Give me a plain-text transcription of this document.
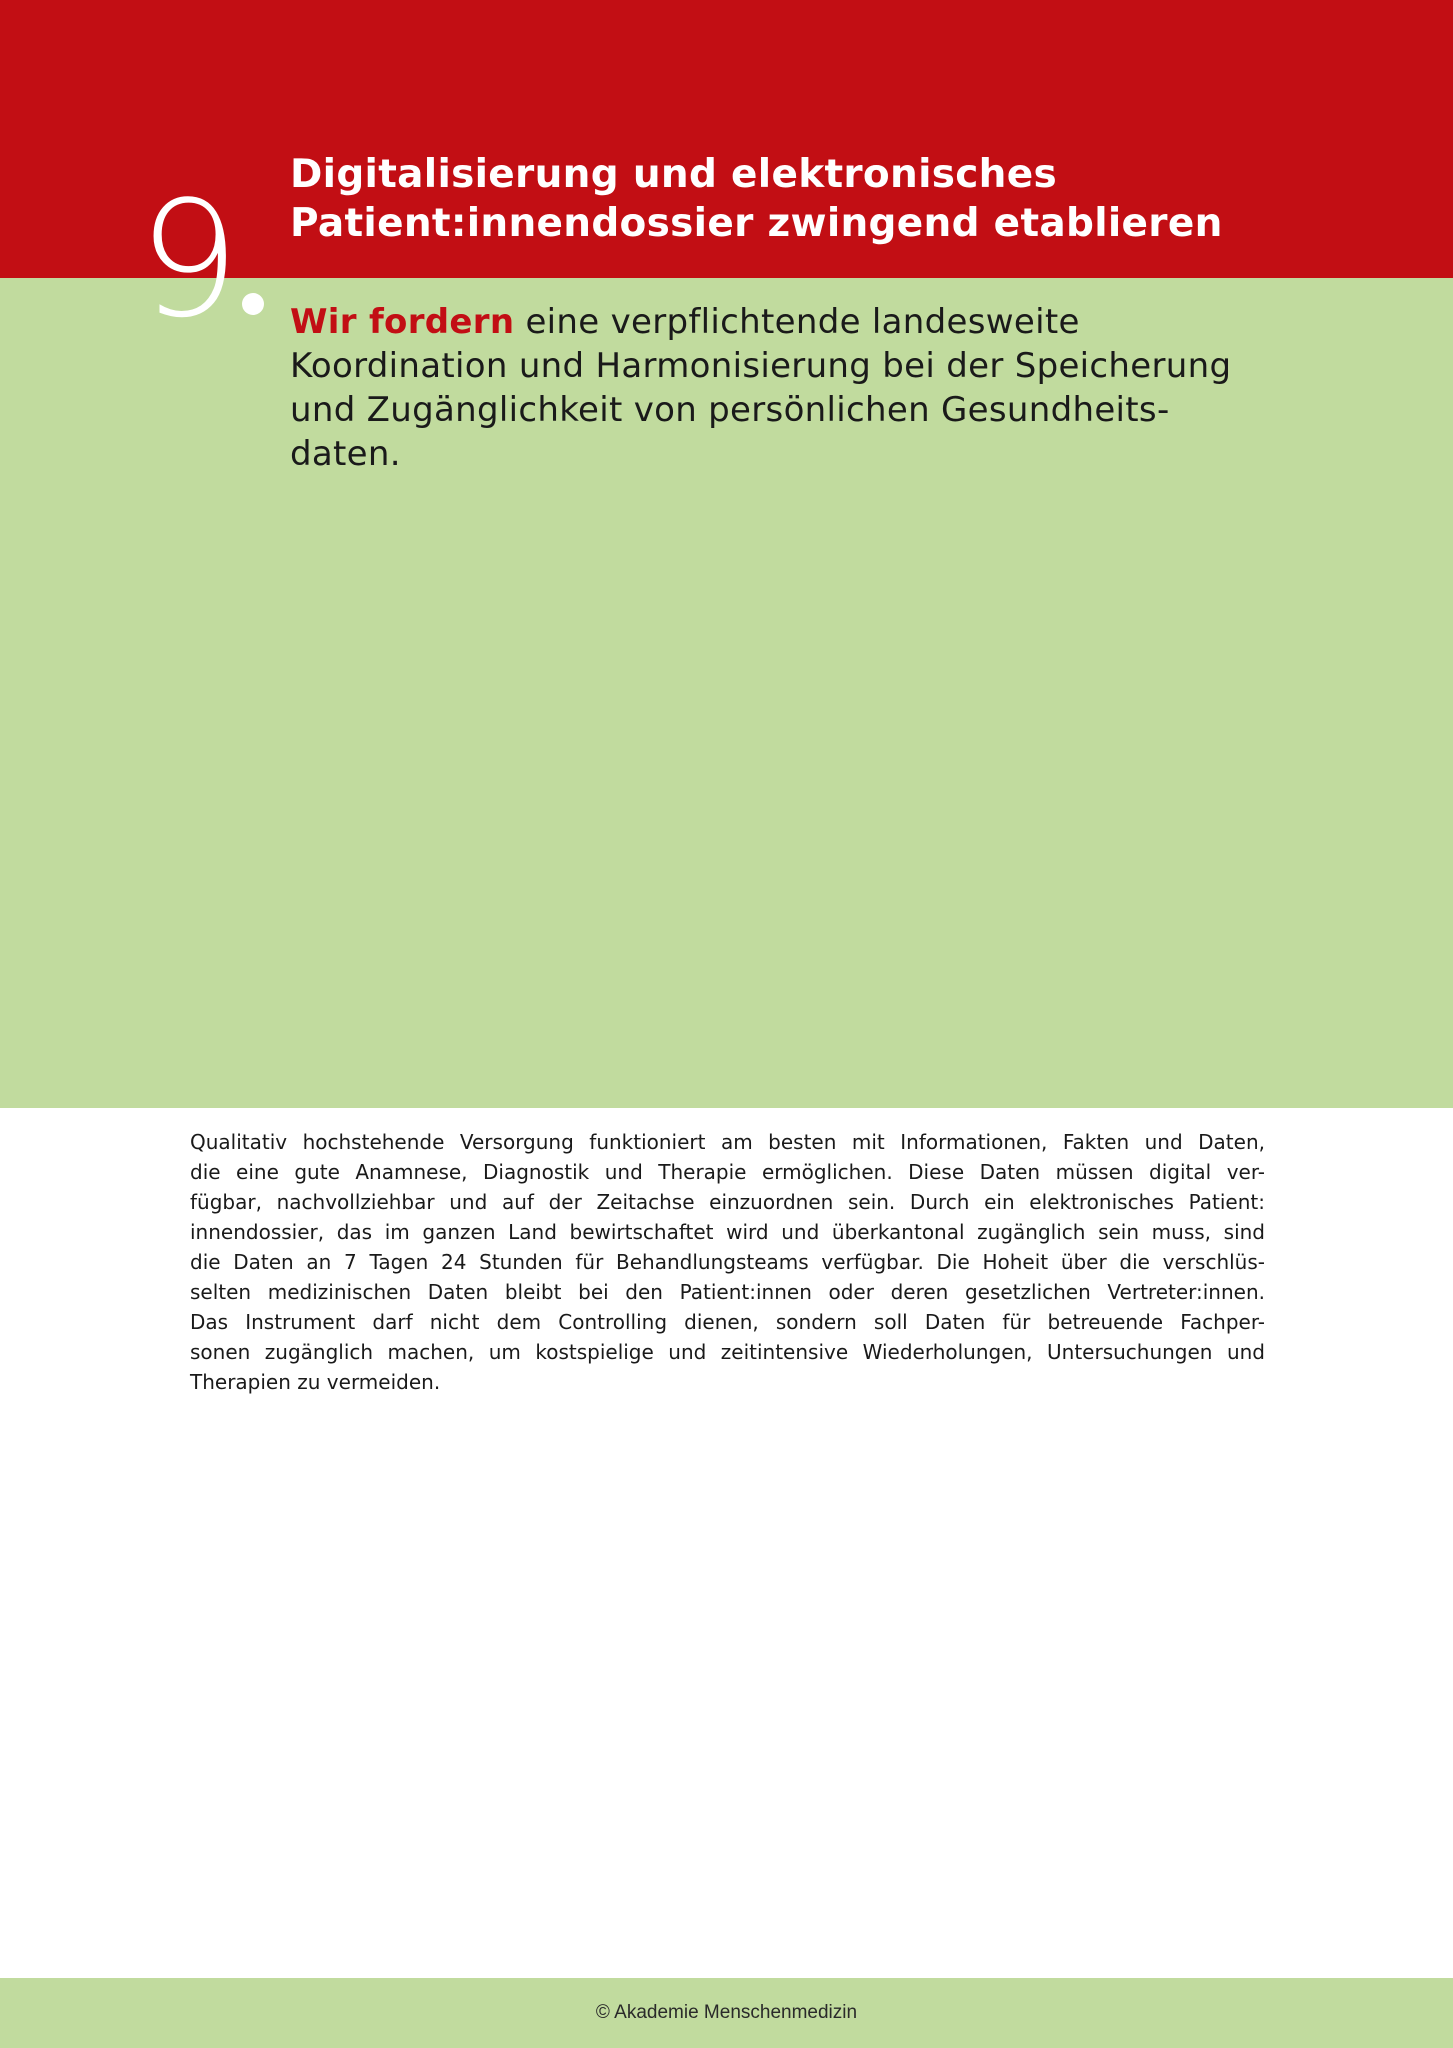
9	Digitalisierung und elektronisches
Patient:innendossier zwingend etablieren
Wir fordern eine verpflichtende landesweite
Koordination und Harmonisierung bei der Speicherung
und Zugänglichkeit von persönlichen Gesundheits-
daten.
Qualitativ hochstehende Versorgung funktioniert am besten mit Informationen, Fakten und Daten,
die eine gute Anamnese, Diagnostik und Therapie ermöglichen. Diese Daten müssen digital ver-
fügbar, nachvollziehbar und auf der Zeitachse einzuordnen sein. Durch ein elektronisches Patient:
innendossier, das im ganzen Land bewirtschaftet wird und überkantonal zugänglich sein muss, sind
die Daten an 7 Tagen 24 Stunden für Behandlungsteams verfügbar. Die Hoheit über die verschlüs-
selten medizinischen Daten bleibt bei den Patient:innen oder deren gesetzlichen Vertreter:innen.
Das Instrument darf nicht dem Controlling dienen, sondern soll Daten für betreuende Fachper-
sonen zugänglich machen, um kostspielige und zeitintensive Wiederholungen, Untersuchungen und
Therapien zu vermeiden.
© Akademie Menschenmedizin
